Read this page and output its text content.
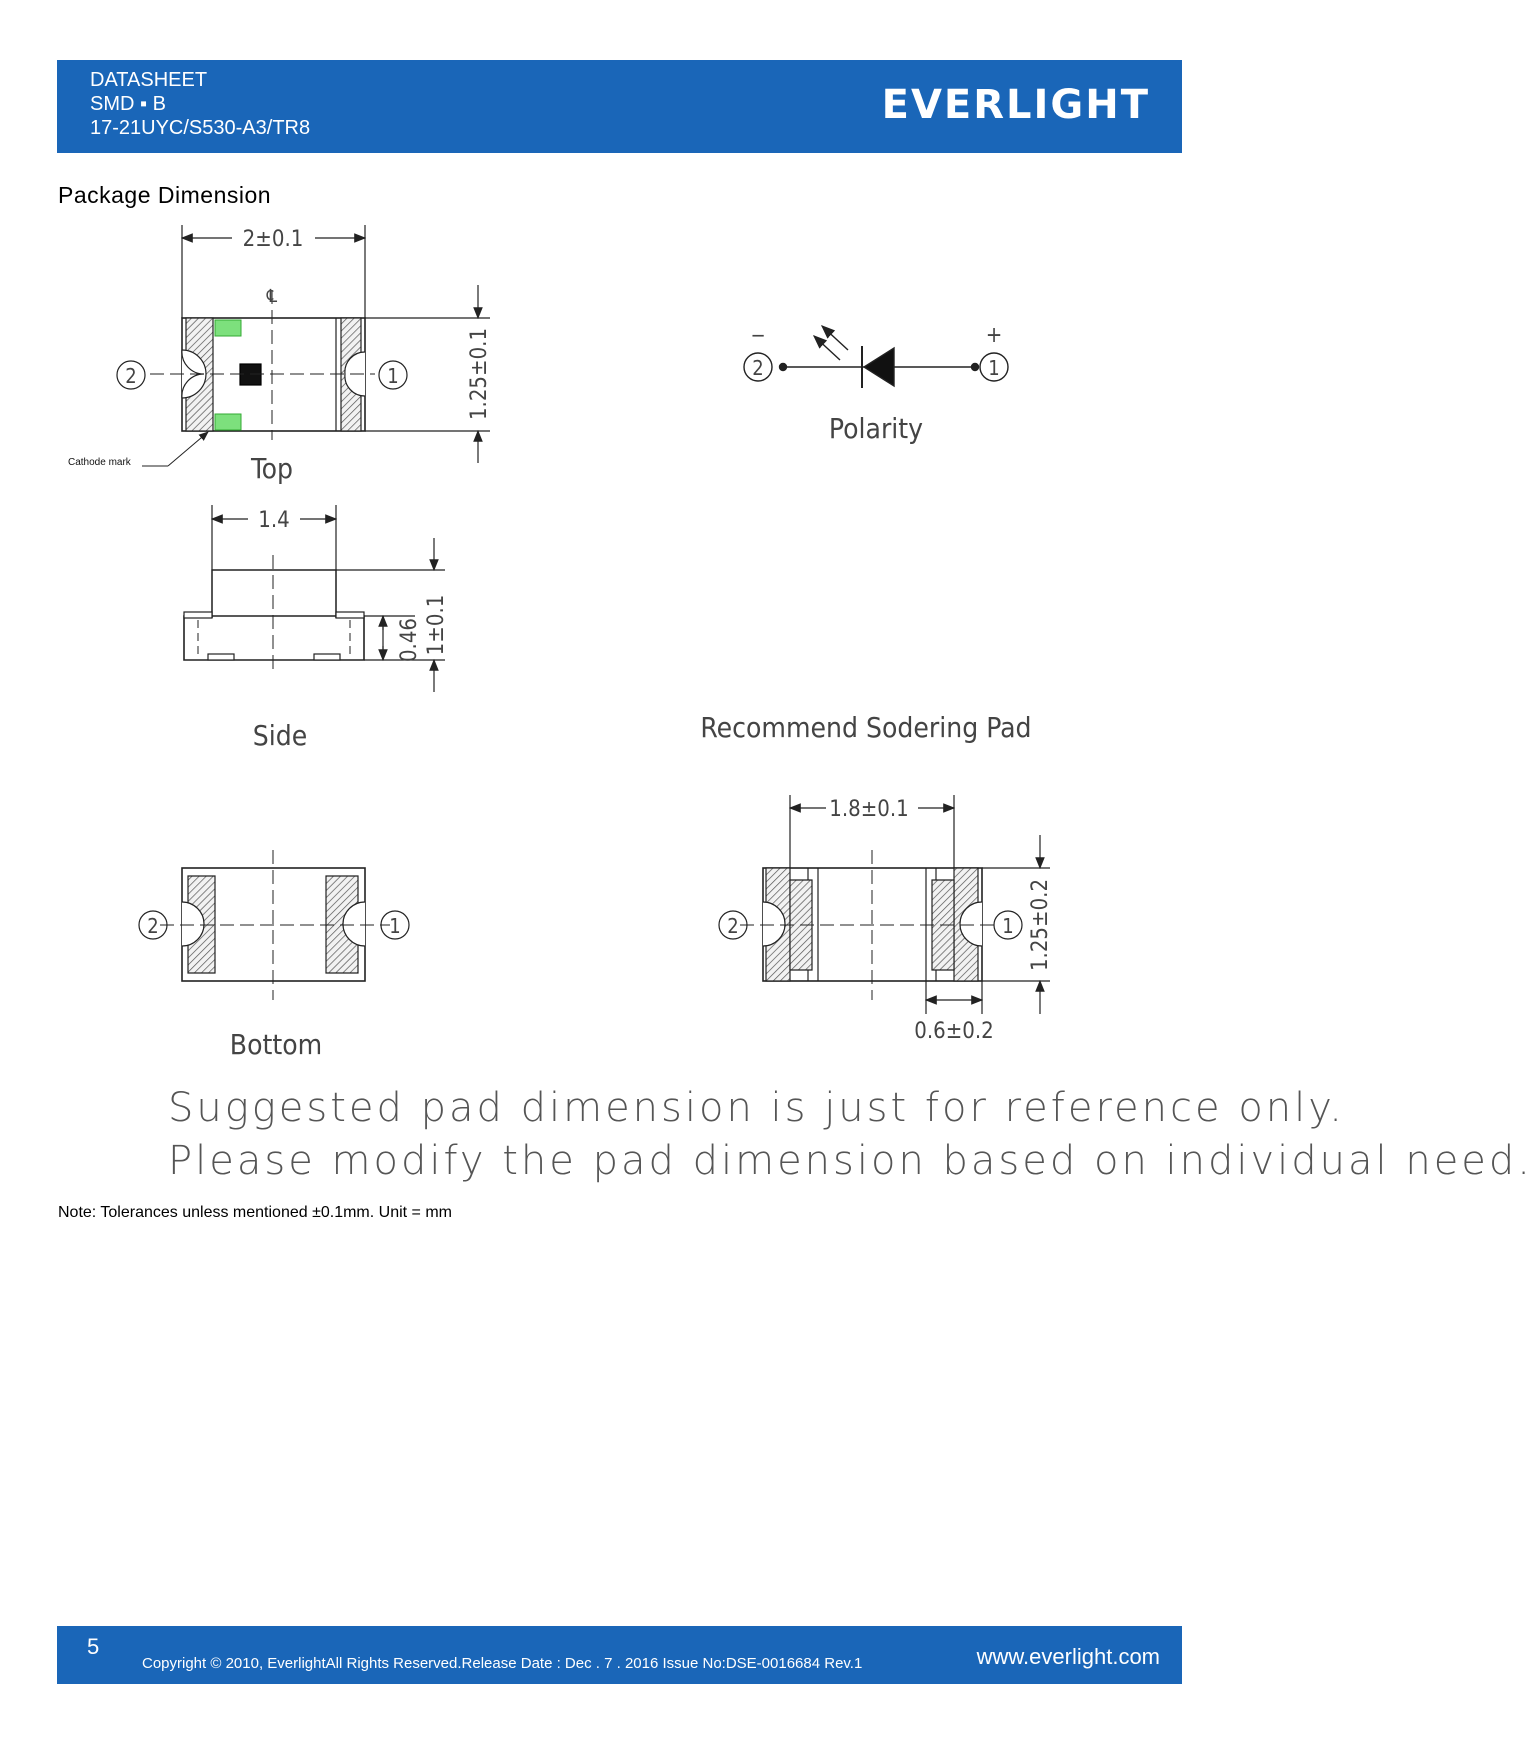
DATASHEET
SMD ▪ B
17-21UYC/S530-A3/TR8	EVERLIGHT
Package Dimension
2±0.1
℄
2	1	1.25±0.1
Cathode mark	Top
2	1
−	+
Polarity
1.4
0.46 1±0.1
Side	Recommend Sodering Pad
1.8±0.1
2	1 1.25±0.2
0.6±0.2
2	1
Bottom
Suggested pad dimension is just for reference only.
Please modify the pad dimension based on individual need.
Note: Tolerances unless mentioned ±0.1mm. Unit = mm
5
Copyright © 2010, EverlightAll Rights Reserved.Release Date : Dec . 7 . 2016 Issue No:DSE-0016684 Rev.1	www.everlight.com
